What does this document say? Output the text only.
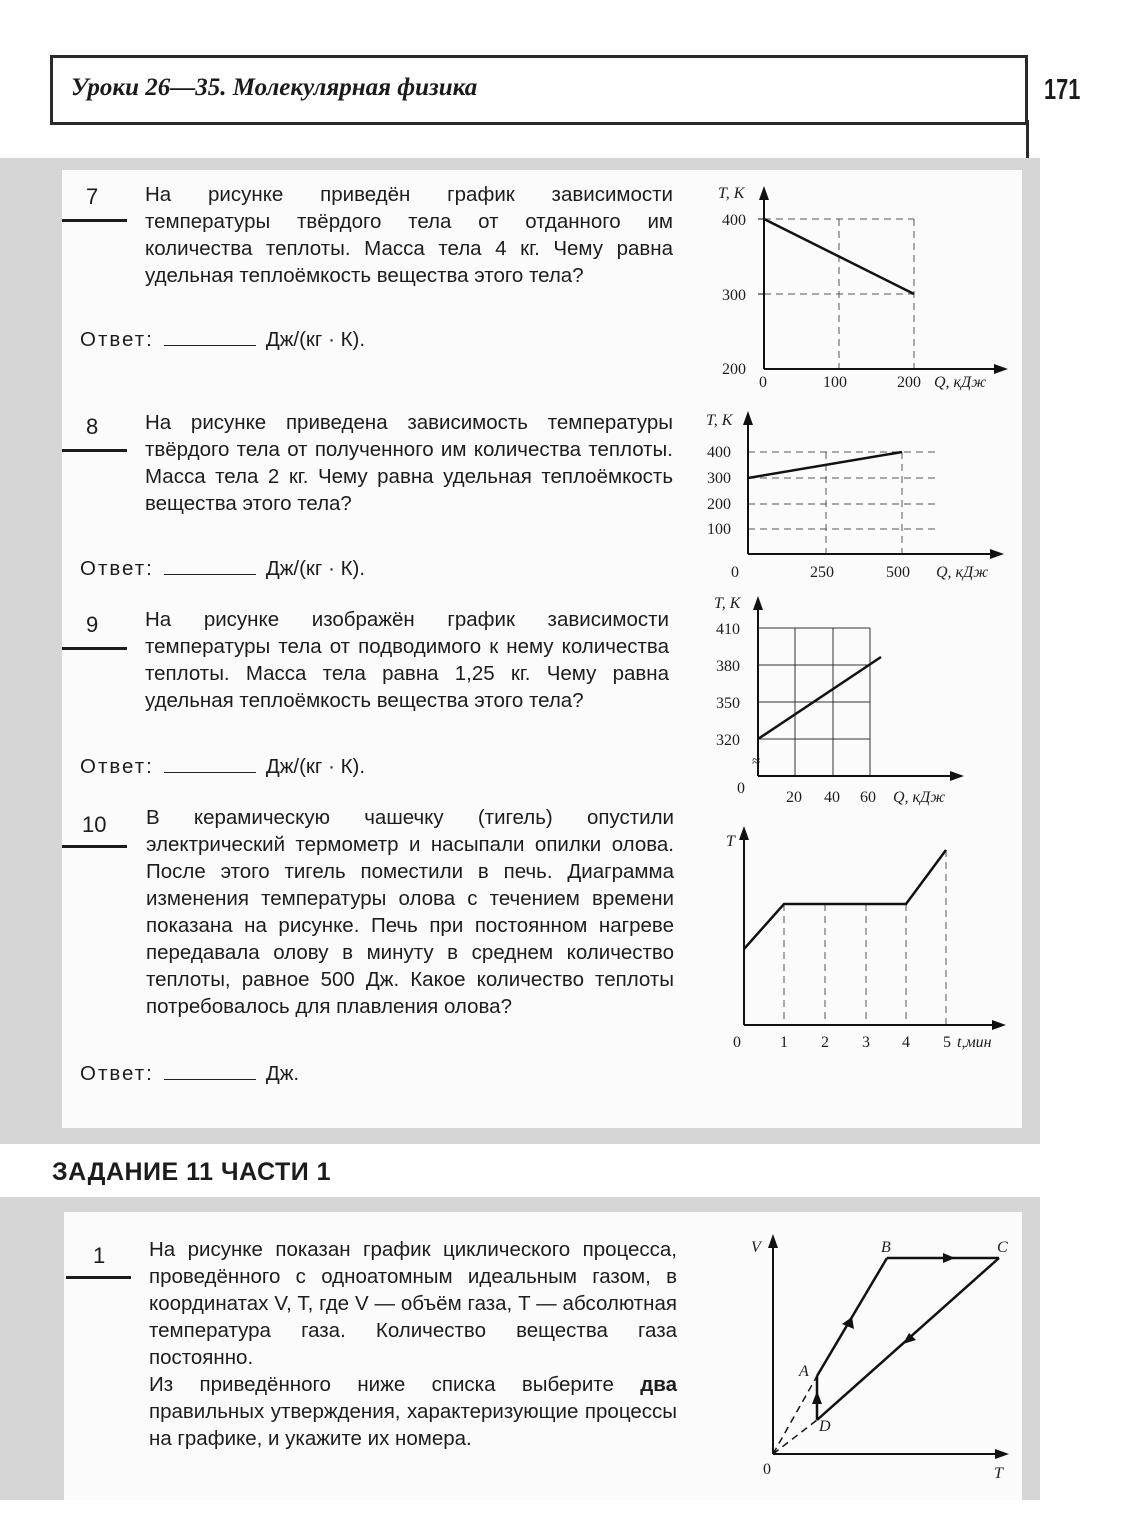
Уроки 26—35. Молекулярная физика	171
7 На рисунке приведён график зависимости температуры твёрдого тела от отданного им количества теплоты. Масса тела 4 кг. Чему равна удельная теплоёмкость вещества этого тела?
Ответ:	Дж/(кг · К).
T, К
400
300
200
0	100	200 Q, кДж
8 На рисунке приведена зависимость температуры твёрдого тела от полученного им количества теплоты. Масса тела 2 кг. Чему равна удельная теплоёмкость вещества этого тела?
Ответ:	Дж/(кг · К).
T, К
400
300
200
100
0	250	500 Q, кДж
9 На рисунке изображён график зависимости температуры тела от подводимого к нему количества теплоты. Масса тела равна 1,25 кг. Чему равна удельная теплоёмкость вещества этого тела?
Ответ:	Дж/(кг · К).	≈
T, К
410
380
350
320
0
20 40 60 Q, кДж
10 В керамическую чашечку (тигель) опустили электрический термометр и насыпали опилки олова. После этого тигель поместили в печь. Диаграмма изменения температуры олова с течением времени показана на рисунке. Печь при постоянном нагреве передавала олову в минуту в среднем количество теплоты, равное 500 Дж. Какое количество теплоты потребовалось для плавления олова?
Ответ:	Дж.
T
0 1 2 3 4 5 t,мин
ЗАДАНИЕ 11 ЧАСТИ 1
1 На рисунке показан график циклического процесса, проведённого с одноатомным идеальным газом, в координатах V, T, где V — объём газа, T — абсолютная температура газа. Количество вещества газа постоянно.
Из приведённого ниже списка выберите два правильных утверждения, характеризующие процессы на графике, и укажите их номера.
V
T
0
A
B	C
D
